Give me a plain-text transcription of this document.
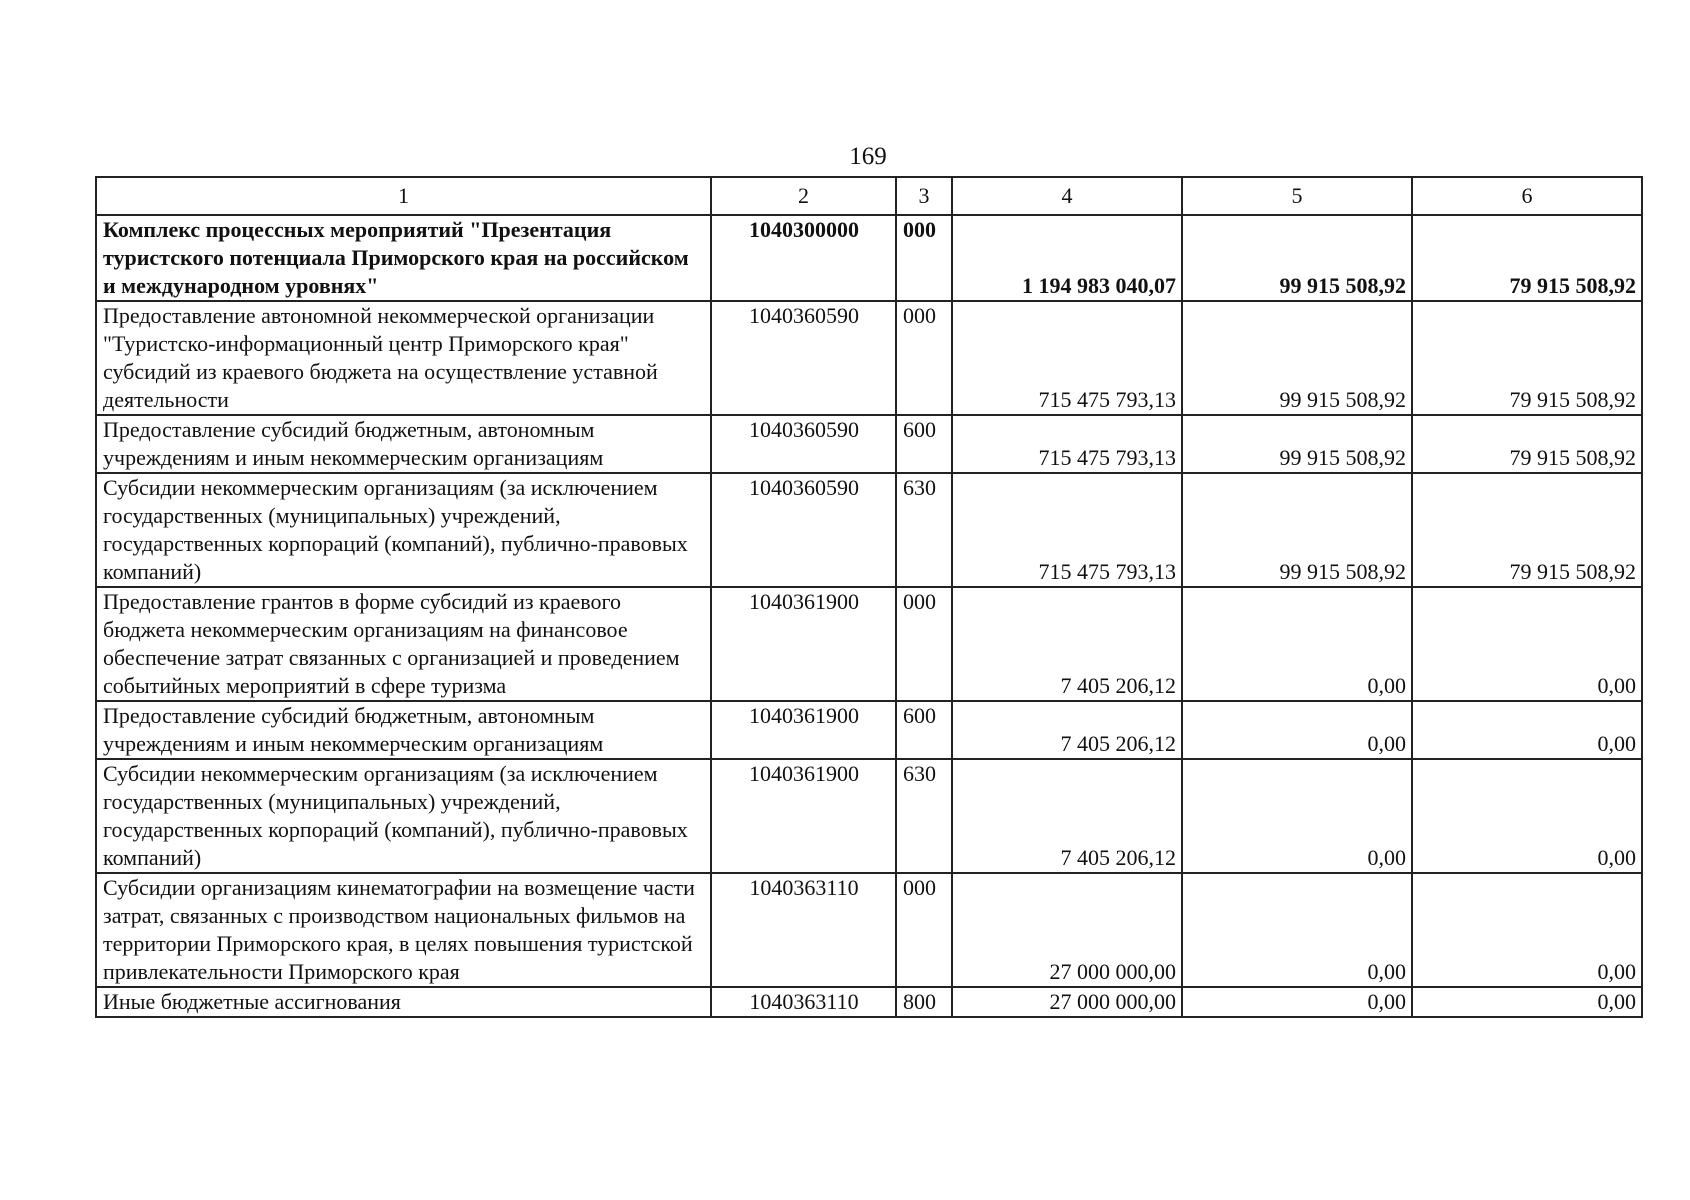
169
1	2	3	4	5	6
Комплекс процессных мероприятий "Презентация туристского потенциала Приморского края на российском и международном уровнях"	1040300000	000	1 194 983 040,07	99 915 508,92	79 915 508,92
Предоставление автономной некоммерческой организации "Туристско-информационный центр Приморского края" субсидий из краевого бюджета на осуществление уставной деятельности	1040360590	000	715 475 793,13	99 915 508,92	79 915 508,92
Предоставление субсидий бюджетным, автономным учреждениям и иным некоммерческим организациям	1040360590	600	715 475 793,13	99 915 508,92	79 915 508,92
Субсидии некоммерческим организациям (за исключением государственных (муниципальных) учреждений, государственных корпораций (компаний), публично-правовых компаний)	1040360590	630	715 475 793,13	99 915 508,92	79 915 508,92
Предоставление грантов в форме субсидий из краевого бюджета некоммерческим организациям на финансовое обеспечение затрат связанных с организацией и проведением событийных мероприятий в сфере туризма	1040361900	000	7 405 206,12	0,00	0,00
Предоставление субсидий бюджетным, автономным учреждениям и иным некоммерческим организациям	1040361900	600	7 405 206,12	0,00	0,00
Субсидии некоммерческим организациям (за исключением государственных (муниципальных) учреждений, государственных корпораций (компаний), публично-правовых компаний)	1040361900	630	7 405 206,12	0,00	0,00
Субсидии организациям кинематографии на возмещение части затрат, связанных с производством национальных фильмов на территории Приморского края, в целях повышения туристской привлекательности Приморского края	1040363110	000	27 000 000,00	0,00	0,00
Иные бюджетные ассигнования	1040363110	800	27 000 000,00	0,00	0,00
